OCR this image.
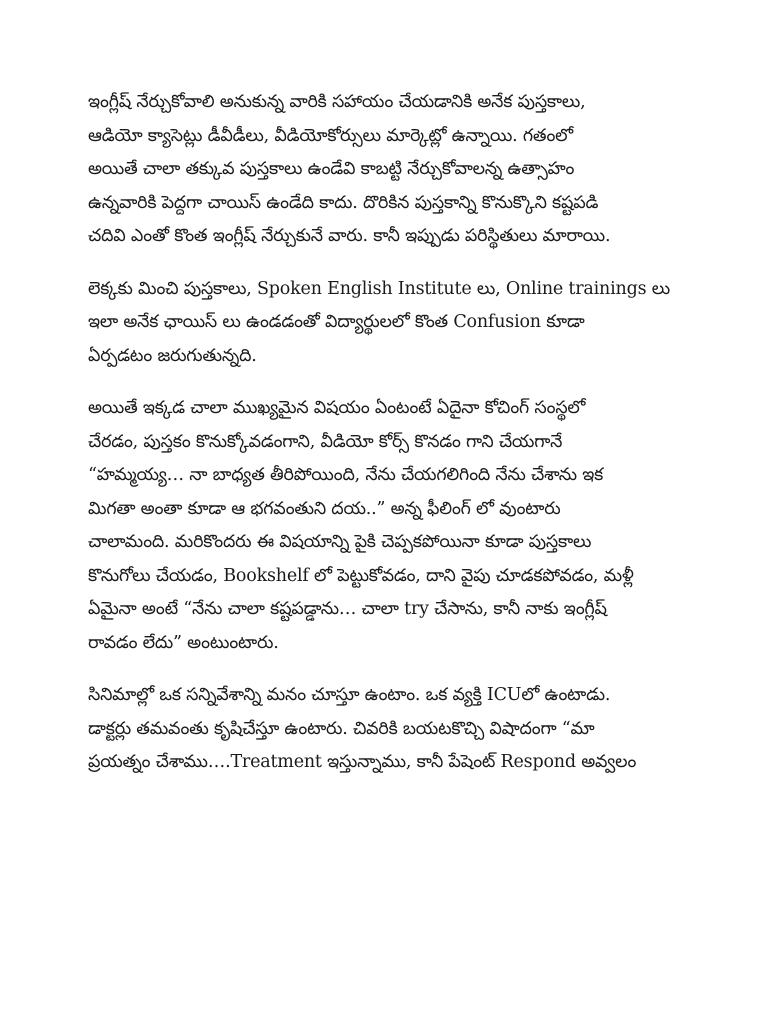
ఇంగ్లీష్ నేర్చుకోవాలి అనుకున్న వారికి సహాయం చేయడానికి అనేక పుస్తకాలు,
ఆడియో క్యాసెట్లు డీవీడీలు, వీడియోకోర్సులు మార్కెట్లో ఉన్నాయి. గతంలో
అయితే చాలా తక్కువ పుస్తకాలు ఉండేవి కాబట్టి నేర్చుకోవాలన్న ఉత్సాహం
ఉన్నవారికి పెద్దగా చాయిస్ ఉండేది కాదు. దొరికిన పుస్తకాన్ని కొనుక్కొని కష్టపడి
చదివి ఎంతో కొంత ఇంగ్లీష్ నేర్చుకునే వారు. కానీ ఇప్పుడు పరిస్థితులు మారాయి.

లెక్కకు మించి పుస్తకాలు, Spoken English Institute లు, Online trainings లు
ఇలా అనేక ఛాయిస్ లు ఉండడంతో విద్యార్థులలో కొంత Confusion కూడా
ఏర్పడటం జరుగుతున్నది.

అయితే ఇక్కడ చాలా ముఖ్యమైన విషయం ఏంటంటే ఏదైనా కోచింగ్ సంస్థలో
చేరడం, పుస్తకం కొనుక్కోవడంగాని, వీడియో కోర్స్ కొనడం గాని చేయగానే
“హమ్మయ్య… నా బాధ్యత తీరిపోయింది, నేను చేయగలిగింది నేను చేశాను ఇక
మిగతా అంతా కూడా ఆ భగవంతుని దయ..” అన్న ఫీలింగ్ లో వుంటారు
చాలామంది. మరికొందరు ఈ విషయాన్ని పైకి చెప్పకపోయినా కూడా పుస్తకాలు
కొనుగోలు చేయడం, Bookshelf లో పెట్టుకోవడం, దాని వైపు చూడకపోవడం, మళ్లీ
ఏమైనా అంటే “నేను చాలా కష్టపడ్డాను… చాలా try చేసాను, కానీ నాకు ఇంగ్లీష్
రావడం లేదు” అంటుంటారు.

సినిమాల్లో ఒక సన్నివేశాన్ని మనం చూస్తూ ఉంటాం. ఒక వ్యక్తి ICUలో ఉంటాడు.
డాక్టర్లు తమవంతు కృషిచేస్తూ ఉంటారు. చివరికి బయటకొచ్చి విషాదంగా “మా
ప్రయత్నం చేశాము….Treatment ఇస్తున్నాము, కానీ పేషెంట్ Respond అవ్వలం
